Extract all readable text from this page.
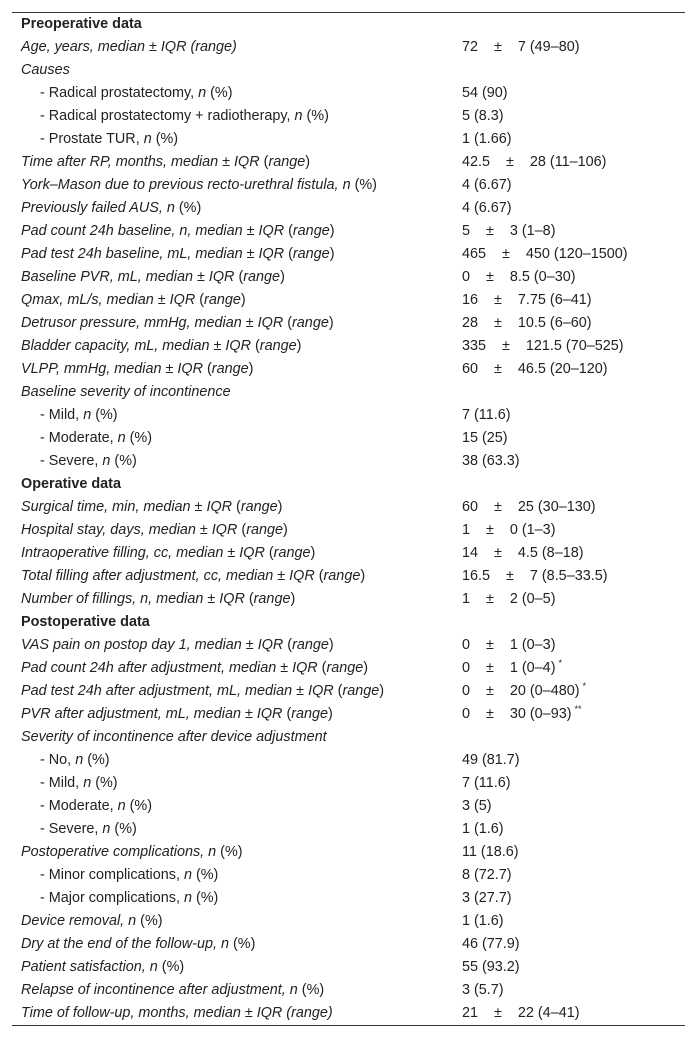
Preoperative data
Age, years, median ± IQR (range)	72    ±    7 (49–80)
Causes
- Radical prostatectomy, n (%)	54 (90)
- Radical prostatectomy + radiotherapy, n (%)	5 (8.3)
- Prostate TUR, n (%)	1 (1.66)
Time after RP, months, median ± IQR (range)	42.5    ±    28 (11–106)
York–Mason due to previous recto-urethral fistula, n (%)	4 (6.67)
Previously failed AUS, n (%)	4 (6.67)
Pad count 24h baseline, n, median ± IQR (range)	5    ±    3 (1–8)
Pad test 24h baseline, mL, median ± IQR (range)	465    ±    450 (120–1500)
Baseline PVR, mL, median ± IQR (range)	0    ±    8.5 (0–30)
Qmax, mL/s, median ± IQR (range)	16    ±    7.75 (6–41)
Detrusor pressure, mmHg, median ± IQR (range)	28    ±    10.5 (6–60)
Bladder capacity, mL, median ± IQR (range)	335    ±    121.5 (70–525)
VLPP, mmHg, median ± IQR (range)	60    ±    46.5 (20–120)
Baseline severity of incontinence
- Mild, n (%)	7 (11.6)
- Moderate, n (%)	15 (25)
- Severe, n (%)	38 (63.3)
Operative data
Surgical time, min, median ± IQR (range)	60    ±    25 (30–130)
Hospital stay, days, median ± IQR (range)	1    ±    0 (1–3)
Intraoperative filling, cc, median ± IQR (range)	14    ±    4.5 (8–18)
Total filling after adjustment, cc, median ± IQR (range)	16.5    ±    7 (8.5–33.5)
Number of fillings, n, median ± IQR (range)	1    ±    2 (0–5)
Postoperative data
VAS pain on postop day 1, median ± IQR (range)	0    ±    1 (0–3)
Pad count 24h after adjustment, median ± IQR (range)	0    ±    1 (0–4) *
Pad test 24h after adjustment, mL, median ± IQR (range)	0    ±    20 (0–480) *
PVR after adjustment, mL, median ± IQR (range)	0    ±    30 (0–93) **
Severity of incontinence after device adjustment
- No, n (%)	49 (81.7)
- Mild, n (%)	7 (11.6)
- Moderate, n (%)	3 (5)
- Severe, n (%)	1 (1.6)
Postoperative complications, n (%)	11 (18.6)
- Minor complications, n (%)	8 (72.7)
- Major complications, n (%)	3 (27.7)
Device removal, n (%)	1 (1.6)
Dry at the end of the follow-up, n (%)	46 (77.9)
Patient satisfaction, n (%)	55 (93.2)
Relapse of incontinence after adjustment, n (%)	3 (5.7)
Time of follow-up, months, median ± IQR (range)	21    ±    22 (4–41)
